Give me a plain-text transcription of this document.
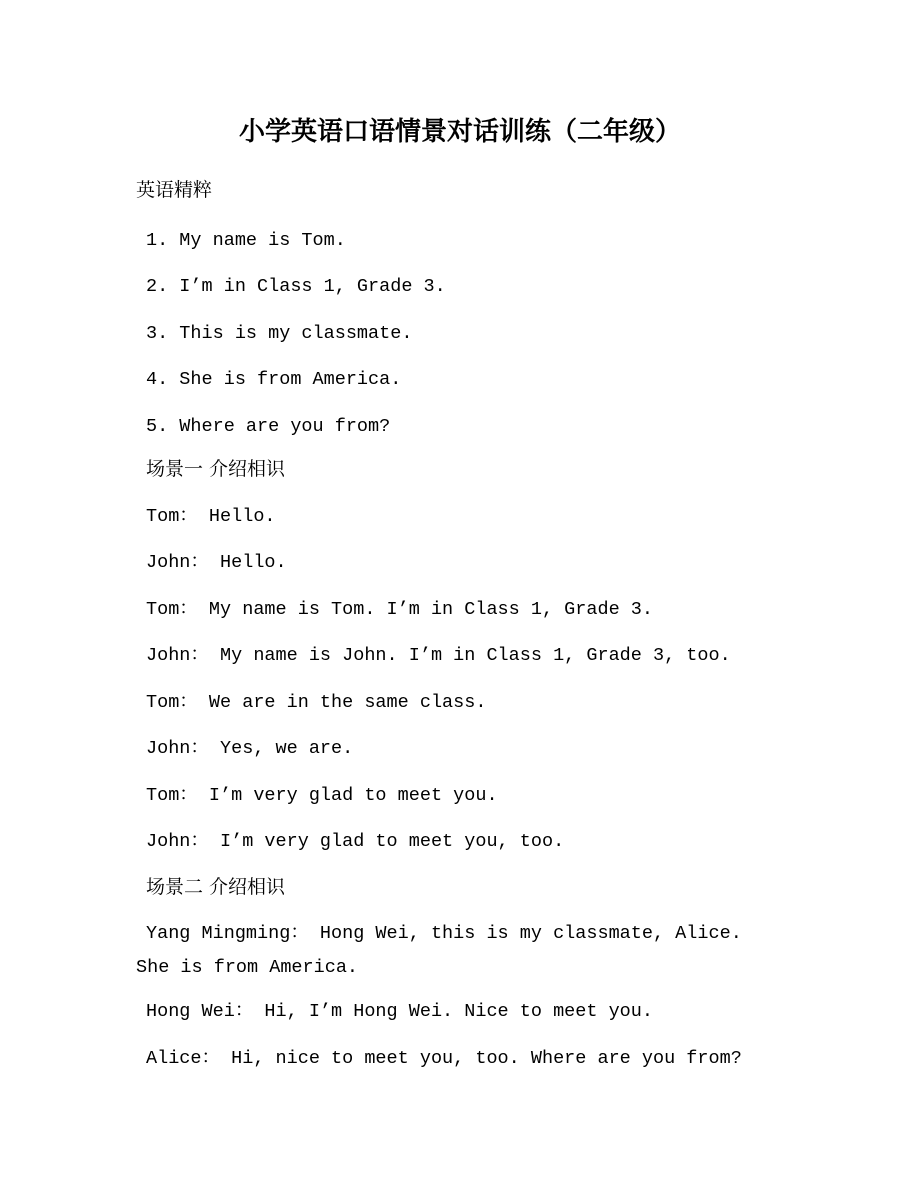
小学英语口语情景对话训练（二年级）
英语精粹

1. My name is Tom.

2. I’m in Class 1, Grade 3.

3. This is my classmate.

4. She is from America.

5. Where are you from?

场景一 介绍相识

Tom： Hello.

John： Hello.

Tom： My name is Tom. I’m in Class 1, Grade 3.

John： My name is John. I’m in Class 1, Grade 3, too.

Tom： We are in the same class.

John： Yes, we are.

Tom： I’m very glad to meet you.

John： I’m very glad to meet you, too.

场景二 介绍相识

Yang Mingming： Hong Wei, this is my classmate, Alice. She is from America.

Hong Wei： Hi, I’m Hong Wei. Nice to meet you.

Alice： Hi, nice to meet you, too. Where are you from?
